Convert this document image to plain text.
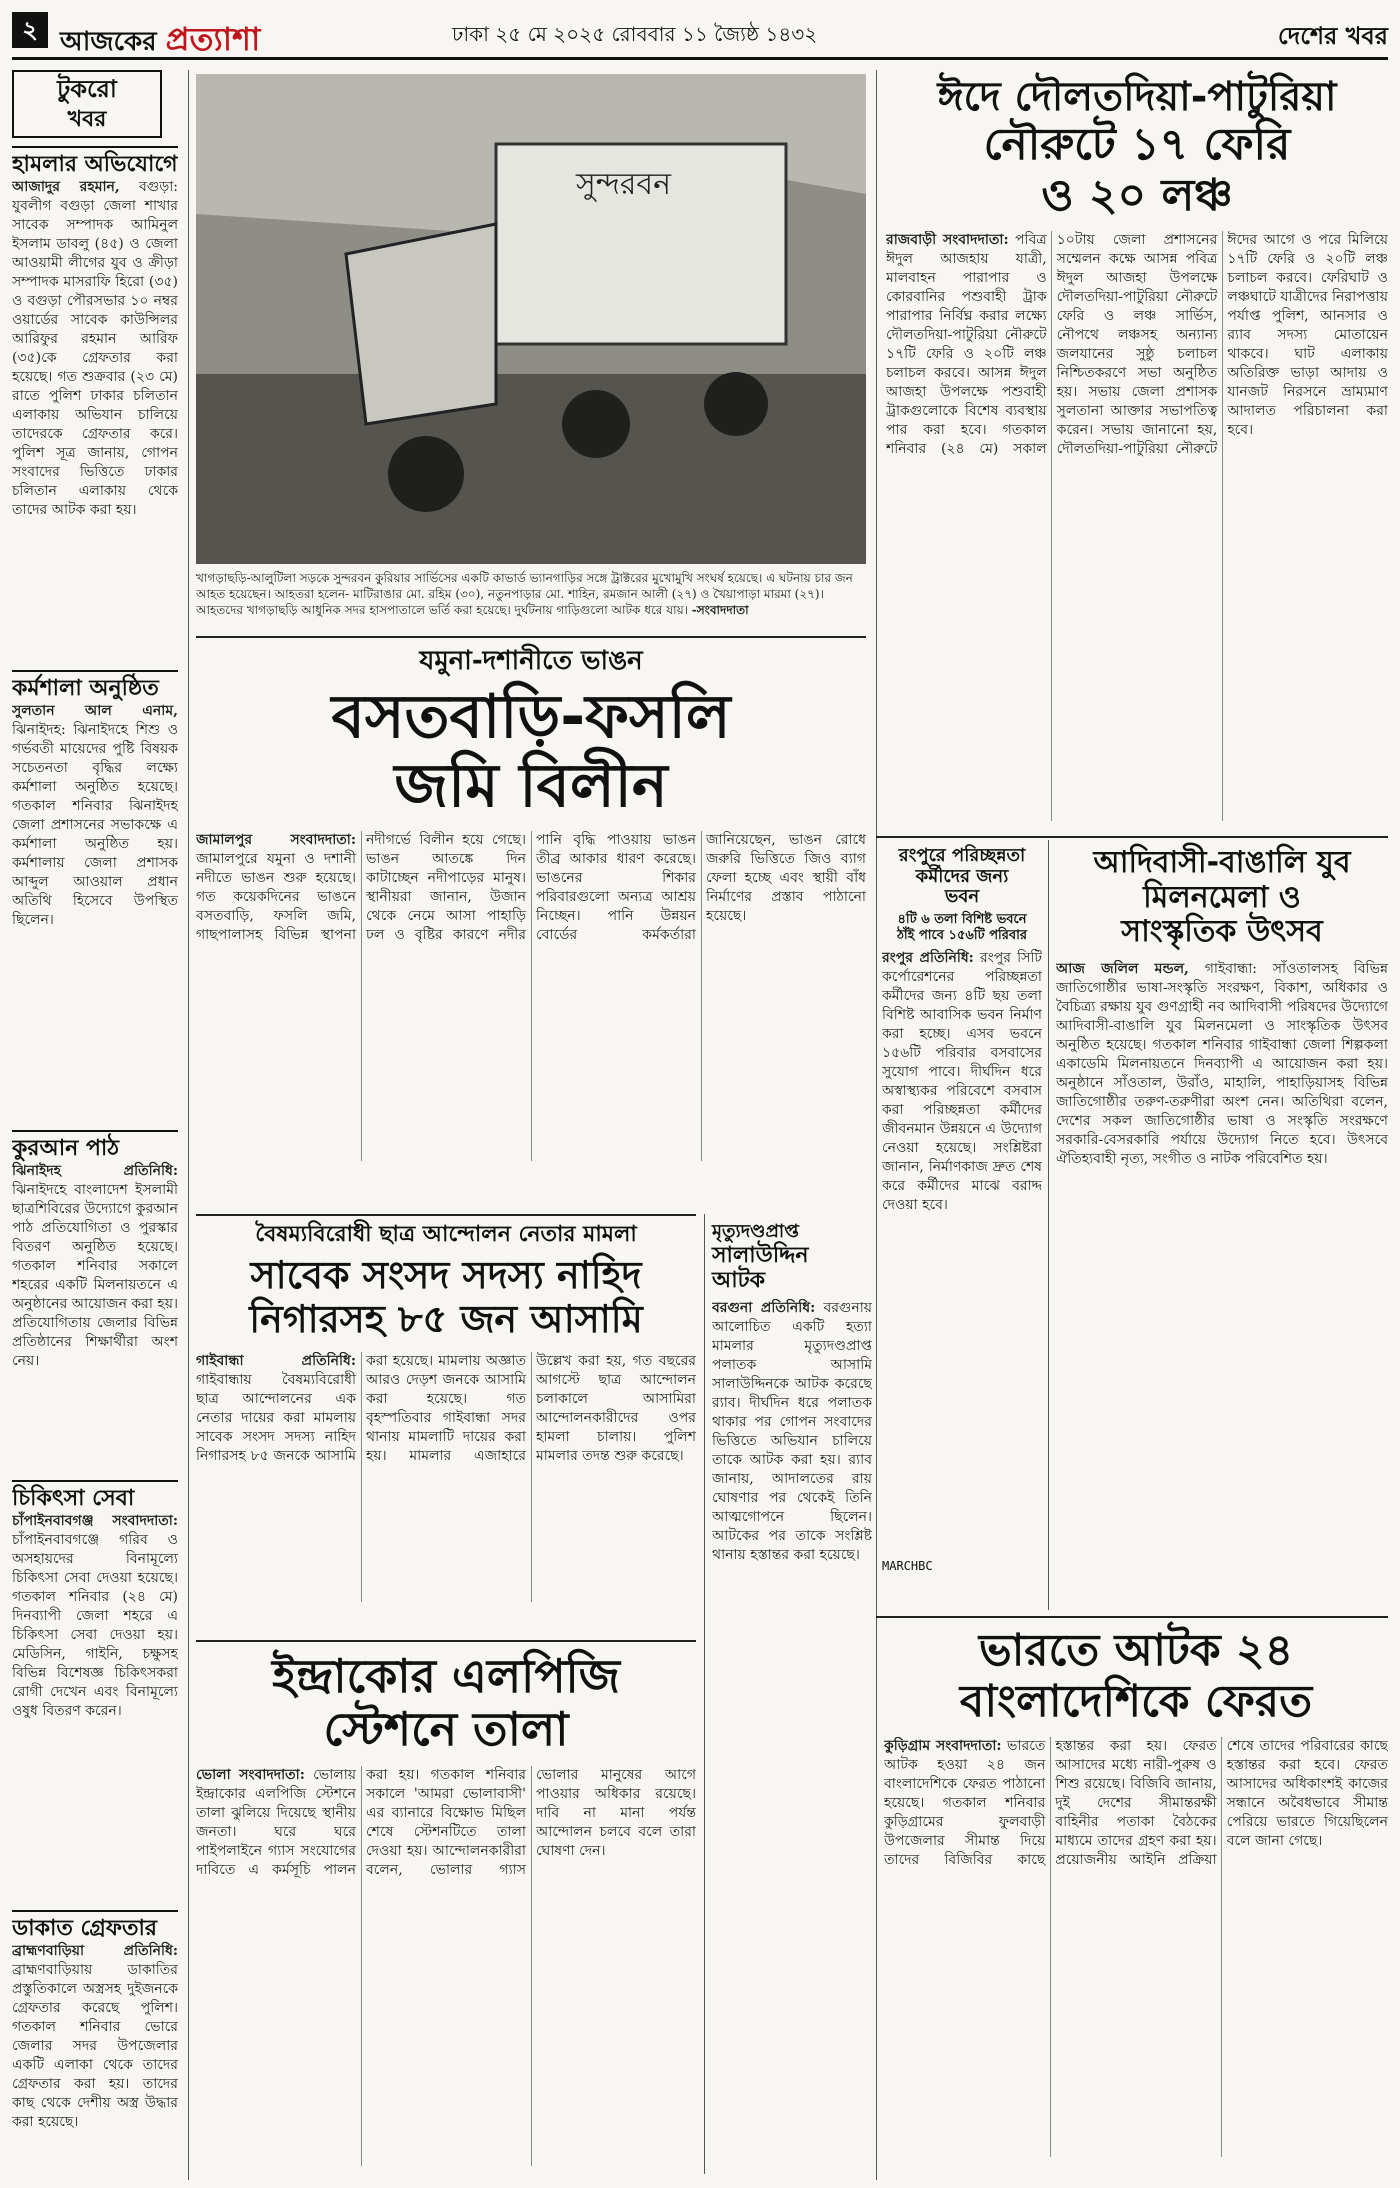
২ আজকের প্রত্যাশা	ঢাকা ২৫ মে ২০২৫ রোববার ১১ জ্যৈষ্ঠ ১৪৩২	দেশের খবর
টুকরো
খবর
হামলার অভিযোগে
আজাদুর রহমান, বগুড়া: যুবলীগ বগুড়া জেলা শাখার সাবেক সম্পাদক আমিনুল ইসলাম ডাবলু (৪৫) ও জেলা আওয়ামী লীগের যুব ও ক্রীড়া সম্পাদক মাসরাফি হিরো (৩৫) ও বগুড়া পৌরসভার ১০ নম্বর ওয়ার্ডের সাবেক কাউন্সিলর আরিফুর রহমান আরিফ (৩৫)কে গ্রেফতার করা হয়েছে। গত শুক্রবার (২৩ মে) রাতে পুলিশ ঢাকার চলিতান এলাকায় অভিযান চালিয়ে তাদেরকে গ্রেফতার করে। পুলিশ সূত্র জানায়, গোপন সংবাদের ভিত্তিতে ঢাকার চলিতান এলাকায় থেকে তাদের আটক করা হয়।
কর্মশালা অনুষ্ঠিত
সুলতান আল এনাম, ঝিনাইদহ: ঝিনাইদহে শিশু ও গর্ভবতী মায়েদের পুষ্টি বিষয়ক সচেতনতা বৃদ্ধির লক্ষ্যে কর্মশালা অনুষ্ঠিত হয়েছে। গতকাল শনিবার ঝিনাইদহ জেলা প্রশাসনের সভাকক্ষে এ কর্মশালা অনুষ্ঠিত হয়। কর্মশালায় জেলা প্রশাসক আব্দুল আওয়াল প্রধান অতিথি হিসেবে উপস্থিত ছিলেন।
কুরআন পাঠ
ঝিনাইদহ প্রতিনিধি: ঝিনাইদহে বাংলাদেশ ইসলামী ছাত্রশিবিরের উদ্যোগে কুরআন পাঠ প্রতিযোগিতা ও পুরস্কার বিতরণ অনুষ্ঠিত হয়েছে। গতকাল শনিবার সকালে শহরের একটি মিলনায়তনে এ অনুষ্ঠানের আয়োজন করা হয়। প্রতিযোগিতায় জেলার বিভিন্ন প্রতিষ্ঠানের শিক্ষার্থীরা অংশ নেয়।
চিকিৎসা সেবা
চাঁপাইনবাবগঞ্জ সংবাদদাতা: চাঁপাইনবাবগঞ্জে গরিব ও অসহায়দের বিনামূল্যে চিকিৎসা সেবা দেওয়া হয়েছে। গতকাল শনিবার (২৪ মে) দিনব্যাপী জেলা শহরে এ চিকিৎসা সেবা দেওয়া হয়। মেডিসিন, গাইনি, চক্ষুসহ বিভিন্ন বিশেষজ্ঞ চিকিৎসকরা রোগী দেখেন এবং বিনামূল্যে ওষুধ বিতরণ করেন।
ডাকাত গ্রেফতার
ব্রাহ্মণবাড়িয়া প্রতিনিধি: ব্রাহ্মণবাড়িয়ায় ডাকাতির প্রস্তুতিকালে অস্ত্রসহ দুইজনকে গ্রেফতার করেছে পুলিশ। গতকাল শনিবার ভোরে জেলার সদর উপজেলার একটি এলাকা থেকে তাদের গ্রেফতার করা হয়। তাদের কাছ থেকে দেশীয় অস্ত্র উদ্ধার করা হয়েছে।
সুন্দরবন
খাগড়াছড়ি-আলুটিলা সড়কে সুন্দরবন কুরিয়ার সার্ভিসের একটি কাভার্ড ভ্যানগাড়ির সঙ্গে ট্রাক্টরের মুখোমুখি সংঘর্ষ হয়েছে। এ ঘটনায় চার জন আহত হয়েছেন। আহতরা হলেন- মাটিরাঙার মো. রহিম (৩০), নতুনপাড়ার মো. শাহিন, রমজান আলী (২৭) ও খৈয়াপাড়া মারমা (২৭)। আহতদের খাগড়াছড়ি আধুনিক সদর হাসপাতালে ভর্তি করা হয়েছে। দুর্ঘটনায় গাড়িগুলো আটক ধরে যায়। -সংবাদদাতা
ঈদে দৌলতদিয়া-পাটুরিয়া
নৌরুটে ১৭ ফেরি
ও ২০ লঞ্চ
রাজবাড়ী সংবাদদাতা: পবিত্র ঈদুল আজহায় যাত্রী, মালবাহন পারাপার ও কোরবানির পশুবাহী ট্রাক পারাপার নির্বিঘ্ন করার লক্ষ্যে দৌলতদিয়া-পাটুরিয়া নৌরুটে ১৭টি ফেরি ও ২০টি লঞ্চ চলাচল করবে। আসন্ন ঈদুল আজহা উপলক্ষে পশুবাহী ট্রাকগুলোকে বিশেষ ব্যবস্থায় পার করা হবে। গতকাল শনিবার (২৪ মে) সকাল ১০টায় জেলা প্রশাসনের সম্মেলন কক্ষে আসন্ন পবিত্র ঈদুল আজহা উপলক্ষে দৌলতদিয়া-পাটুরিয়া নৌরুটে ফেরি ও লঞ্চ সার্ভিস, নৌপথে লঞ্চসহ অন্যান্য জলযানের সুষ্ঠু চলাচল নিশ্চিতকরণে সভা অনুষ্ঠিত হয়। সভায় জেলা প্রশাসক সুলতানা আক্তার সভাপতিত্ব করেন। সভায় জানানো হয়, দৌলতদিয়া-পাটুরিয়া নৌরুটে ঈদের আগে ও পরে মিলিয়ে ১৭টি ফেরি ও ২০টি লঞ্চ চলাচল করবে। ফেরিঘাট ও লঞ্চঘাটে যাত্রীদের নিরাপত্তায় পর্যাপ্ত পুলিশ, আনসার ও র‍্যাব সদস্য মোতায়েন থাকবে। ঘাট এলাকায় অতিরিক্ত ভাড়া আদায় ও যানজট নিরসনে ভ্রাম্যমাণ আদালত পরিচালনা করা হবে।
যমুনা-দশানীতে ভাঙন
বসতবাড়ি-ফসলি
জমি বিলীন
জামালপুর সংবাদদাতা: জামালপুরে যমুনা ও দশানী নদীতে ভাঙন শুরু হয়েছে। গত কয়েকদিনের ভাঙনে বসতবাড়ি, ফসলি জমি, গাছপালাসহ বিভিন্ন স্থাপনা নদীগর্ভে বিলীন হয়ে গেছে। ভাঙন আতঙ্কে দিন কাটাচ্ছেন নদীপাড়ের মানুষ। স্থানীয়রা জানান, উজান থেকে নেমে আসা পাহাড়ি ঢল ও বৃষ্টির কারণে নদীর পানি বৃদ্ধি পাওয়ায় ভাঙন তীব্র আকার ধারণ করেছে। ভাঙনের শিকার পরিবারগুলো অন্যত্র আশ্রয় নিচ্ছেন। পানি উন্নয়ন বোর্ডের কর্মকর্তারা জানিয়েছেন, ভাঙন রোধে জরুরি ভিত্তিতে জিও ব্যাগ ফেলা হচ্ছে এবং স্থায়ী বাঁধ নির্মাণের প্রস্তাব পাঠানো হয়েছে।
বৈষম্যবিরোধী ছাত্র আন্দোলন নেতার মামলা
সাবেক সংসদ সদস্য নাহিদ
নিগারসহ ৮৫ জন আসামি
গাইবান্ধা প্রতিনিধি: গাইবান্ধায় বৈষম্যবিরোধী ছাত্র আন্দোলনের এক নেতার দায়ের করা মামলায় সাবেক সংসদ সদস্য নাহিদ নিগারসহ ৮৫ জনকে আসামি করা হয়েছে। মামলায় অজ্ঞাত আরও দেড়শ জনকে আসামি করা হয়েছে। গত বৃহস্পতিবার গাইবান্ধা সদর থানায় মামলাটি দায়ের করা হয়। মামলার এজাহারে উল্লেখ করা হয়, গত বছরের আগস্টে ছাত্র আন্দোলন চলাকালে আসামিরা আন্দোলনকারীদের ওপর হামলা চালায়। পুলিশ মামলার তদন্ত শুরু করেছে।
মৃত্যুদণ্ডপ্রাপ্ত
সালাউদ্দিন
আটক
বরগুনা প্রতিনিধি: বরগুনায় আলোচিত একটি হত্যা মামলার মৃত্যুদণ্ডপ্রাপ্ত পলাতক আসামি সালাউদ্দিনকে আটক করেছে র‍্যাব। দীর্ঘদিন ধরে পলাতক থাকার পর গোপন সংবাদের ভিত্তিতে অভিযান চালিয়ে তাকে আটক করা হয়। র‍্যাব জানায়, আদালতের রায় ঘোষণার পর থেকেই তিনি আত্মগোপনে ছিলেন। আটকের পর তাকে সংশ্লিষ্ট থানায় হস্তান্তর করা হয়েছে।
ইন্দ্রাকোর এলপিজি
স্টেশনে তালা
ভোলা সংবাদদাতা: ভোলায় ইন্দ্রাকোর এলপিজি স্টেশনে তালা ঝুলিয়ে দিয়েছে স্থানীয় জনতা। ঘরে ঘরে পাইপলাইনে গ্যাস সংযোগের দাবিতে এ কর্মসূচি পালন করা হয়। গতকাল শনিবার সকালে 'আমরা ভোলাবাসী' এর ব্যানারে বিক্ষোভ মিছিল শেষে স্টেশনটিতে তালা দেওয়া হয়। আন্দোলনকারীরা বলেন, ভোলার গ্যাস ভোলার মানুষের আগে পাওয়ার অধিকার রয়েছে। দাবি না মানা পর্যন্ত আন্দোলন চলবে বলে তারা ঘোষণা দেন।
রংপুরে পরিচ্ছন্নতা
কর্মীদের জন্য
ভবন
৪টি ৬ তলা বিশিষ্ট ভবনে
ঠাঁই পাবে ১৫৬টি পরিবার
রংপুর প্রতিনিধি: রংপুর সিটি কর্পোরেশনের পরিচ্ছন্নতা কর্মীদের জন্য ৪টি ছয় তলা বিশিষ্ট আবাসিক ভবন নির্মাণ করা হচ্ছে। এসব ভবনে ১৫৬টি পরিবার বসবাসের সুযোগ পাবে। দীর্ঘদিন ধরে অস্বাস্থ্যকর পরিবেশে বসবাস করা পরিচ্ছন্নতা কর্মীদের জীবনমান উন্নয়নে এ উদ্যোগ নেওয়া হয়েছে। সংশ্লিষ্টরা জানান, নির্মাণকাজ দ্রুত শেষ করে কর্মীদের মাঝে বরাদ্দ দেওয়া হবে।
MARCHBC
আদিবাসী-বাঙালি যুব
মিলনমেলা ও
সাংস্কৃতিক উৎসব
আজ জলিল মন্ডল, গাইবান্ধা: সাঁওতালসহ বিভিন্ন জাতিগোষ্ঠীর ভাষা-সংস্কৃতি সংরক্ষণ, বিকাশ, অধিকার ও বৈচিত্র্য রক্ষায় যুব গুণগ্রাহী নব আদিবাসী পরিষদের উদ্যোগে আদিবাসী-বাঙালি যুব মিলনমেলা ও সাংস্কৃতিক উৎসব অনুষ্ঠিত হয়েছে। গতকাল শনিবার গাইবান্ধা জেলা শিল্পকলা একাডেমি মিলনায়তনে দিনব্যাপী এ আয়োজন করা হয়। অনুষ্ঠানে সাঁওতাল, উরাঁও, মাহালি, পাহাড়িয়াসহ বিভিন্ন জাতিগোষ্ঠীর তরুণ-তরুণীরা অংশ নেন। অতিথিরা বলেন, দেশের সকল জাতিগোষ্ঠীর ভাষা ও সংস্কৃতি সংরক্ষণে সরকারি-বেসরকারি পর্যায়ে উদ্যোগ নিতে হবে। উৎসবে ঐতিহ্যবাহী নৃত্য, সংগীত ও নাটক পরিবেশিত হয়।
ভারতে আটক ২৪
বাংলাদেশিকে ফেরত
কুড়িগ্রাম সংবাদদাতা: ভারতে আটক হওয়া ২৪ জন বাংলাদেশিকে ফেরত পাঠানো হয়েছে। গতকাল শনিবার কুড়িগ্রামের ফুলবাড়ী উপজেলার সীমান্ত দিয়ে তাদের বিজিবির কাছে হস্তান্তর করা হয়। ফেরত আসাদের মধ্যে নারী-পুরুষ ও শিশু রয়েছে। বিজিবি জানায়, দুই দেশের সীমান্তরক্ষী বাহিনীর পতাকা বৈঠকের মাধ্যমে তাদের গ্রহণ করা হয়। প্রয়োজনীয় আইনি প্রক্রিয়া শেষে তাদের পরিবারের কাছে হস্তান্তর করা হবে। ফেরত আসাদের অধিকাংশই কাজের সন্ধানে অবৈধভাবে সীমান্ত পেরিয়ে ভারতে গিয়েছিলেন বলে জানা গেছে।
